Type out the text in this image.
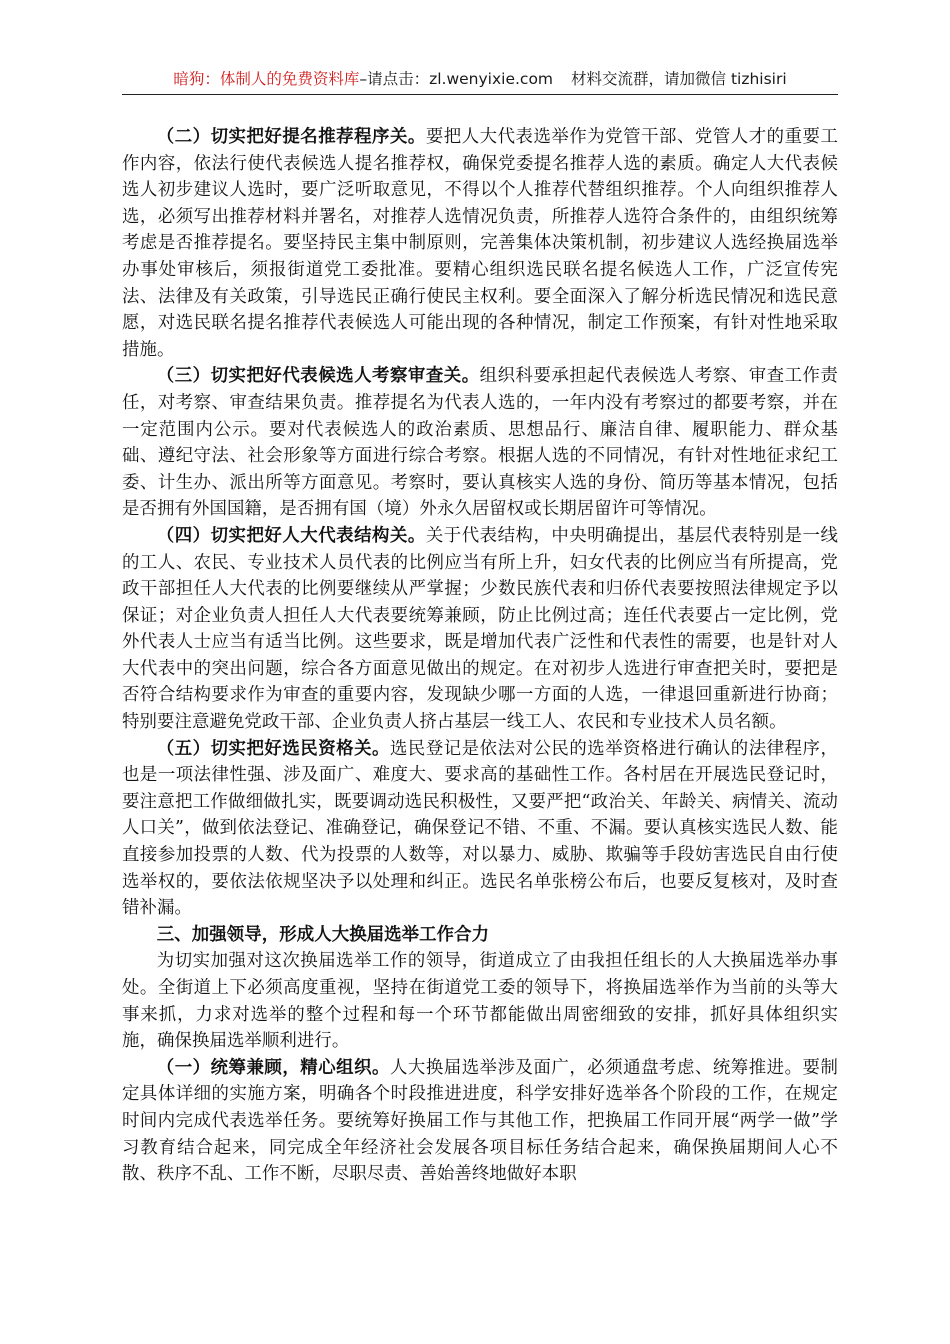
暗狗：体制人的免费资料库–请点击：zl.wenyixie.com 材料交流群，请加微信 tizhisiri

（二）切实把好提名推荐程序关。要把人大代表选举作为党管干部、党管人才的重要工作内容，依法行使代表候选人提名推荐权，确保党委提名推荐人选的素质。确定人大代表候选人初步建议人选时，要广泛听取意见，不得以个人推荐代替组织推荐。个人向组织推荐人选，必须写出推荐材料并署名，对推荐人选情况负责，所推荐人选符合条件的，由组织统筹考虑是否推荐提名。要坚持民主集中制原则，完善集体决策机制，初步建议人选经换届选举办事处审核后，须报街道党工委批准。要精心组织选民联名提名候选人工作，广泛宣传宪法、法律及有关政策，引导选民正确行使民主权利。要全面深入了解分析选民情况和选民意愿，对选民联名提名推荐代表候选人可能出现的各种情况，制定工作预案，有针对性地采取措施。

（三）切实把好代表候选人考察审查关。组织科要承担起代表候选人考察、审查工作责任，对考察、审查结果负责。推荐提名为代表人选的，一年内没有考察过的都要考察，并在一定范围内公示。要对代表候选人的政治素质、思想品行、廉洁自律、履职能力、群众基础、遵纪守法、社会形象等方面进行综合考察。根据人选的不同情况，有针对性地征求纪工委、计生办、派出所等方面意见。考察时，要认真核实人选的身份、简历等基本情况，包括是否拥有外国国籍，是否拥有国（境）外永久居留权或长期居留许可等情况。

（四）切实把好人大代表结构关。关于代表结构，中央明确提出，基层代表特别是一线的工人、农民、专业技术人员代表的比例应当有所上升，妇女代表的比例应当有所提高，党政干部担任人大代表的比例要继续从严掌握；少数民族代表和归侨代表要按照法律规定予以保证；对企业负责人担任人大代表要统筹兼顾，防止比例过高；连任代表要占一定比例，党外代表人士应当有适当比例。这些要求，既是增加代表广泛性和代表性的需要，也是针对人大代表中的突出问题，综合各方面意见做出的规定。在对初步人选进行审查把关时，要把是否符合结构要求作为审查的重要内容，发现缺少哪一方面的人选，一律退回重新进行协商；特别要注意避免党政干部、企业负责人挤占基层一线工人、农民和专业技术人员名额。

（五）切实把好选民资格关。选民登记是依法对公民的选举资格进行确认的法律程序，也是一项法律性强、涉及面广、难度大、要求高的基础性工作。各村居在开展选民登记时，要注意把工作做细做扎实，既要调动选民积极性，又要严把“政治关、年龄关、病情关、流动人口关”，做到依法登记、准确登记，确保登记不错、不重、不漏。要认真核实选民人数、能直接参加投票的人数、代为投票的人数等，对以暴力、威胁、欺骗等手段妨害选民自由行使选举权的，要依法依规坚决予以处理和纠正。选民名单张榜公布后，也要反复核对，及时查错补漏。

三、加强领导，形成人大换届选举工作合力

为切实加强对这次换届选举工作的领导，街道成立了由我担任组长的人大换届选举办事处。全街道上下必须高度重视，坚持在街道党工委的领导下，将换届选举作为当前的头等大事来抓，力求对选举的整个过程和每一个环节都能做出周密细致的安排，抓好具体组织实施，确保换届选举顺利进行。

（一）统筹兼顾，精心组织。人大换届选举涉及面广，必须通盘考虑、统筹推进。要制定具体详细的实施方案，明确各个时段推进进度，科学安排好选举各个阶段的工作，在规定时间内完成代表选举任务。要统筹好换届工作与其他工作，把换届工作同开展“两学一做”学习教育结合起来，同完成全年经济社会发展各项目标任务结合起来，确保换届期间人心不散、秩序不乱、工作不断，尽职尽责、善始善终地做好本职
